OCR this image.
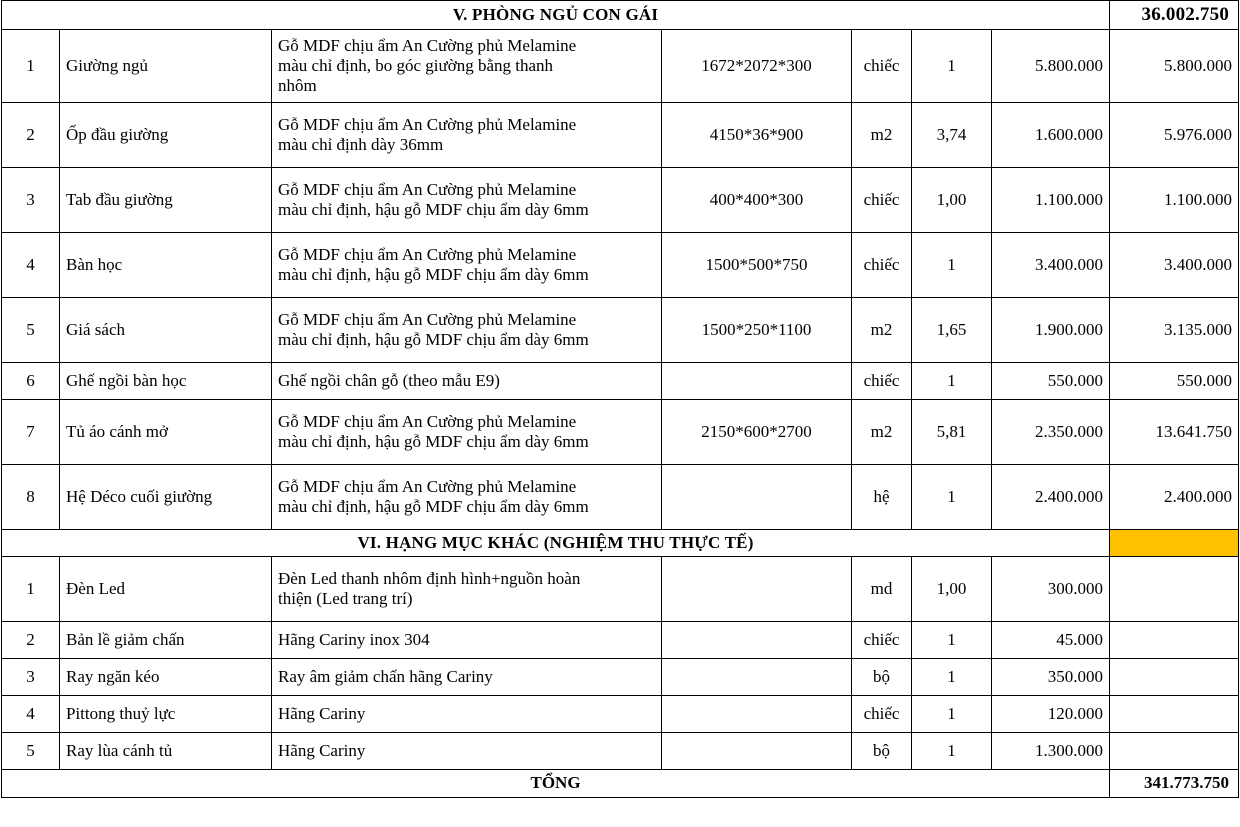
V. PHÒNG NGỦ CON GÁI							36.002.750
1	Giường ngủ	Gỗ MDF chịu ẩm An Cường phủ Melamine
màu chỉ định, bo góc giường bằng thanh
nhôm	1672*2072*300	chiếc	1	5.800.000	5.800.000
2	Ốp đầu giường	Gỗ MDF chịu ẩm An Cường phủ Melamine
màu chỉ định dày 36mm	4150*36*900	m2	3,74	1.600.000	5.976.000
3	Tab đầu giường	Gỗ MDF chịu ẩm An Cường phủ Melamine
màu chỉ định, hậu gỗ MDF chịu ẩm dày 6mm	400*400*300	chiếc	1,00	1.100.000	1.100.000
4	Bàn học	Gỗ MDF chịu ẩm An Cường phủ Melamine
màu chỉ định, hậu gỗ MDF chịu ẩm dày 6mm	1500*500*750	chiếc	1	3.400.000	3.400.000
5	Giá sách	Gỗ MDF chịu ẩm An Cường phủ Melamine
màu chỉ định, hậu gỗ MDF chịu ẩm dày 6mm	1500*250*1100	m2	1,65	1.900.000	3.135.000
6	Ghế ngồi bàn học	Ghế ngồi chân gỗ (theo mẫu E9)		chiếc	1	550.000	550.000
7	Tủ áo cánh mở	Gỗ MDF chịu ẩm An Cường phủ Melamine
màu chỉ định, hậu gỗ MDF chịu ẩm dày 6mm	2150*600*2700	m2	5,81	2.350.000	13.641.750
8	Hệ Déco cuối giường	Gỗ MDF chịu ẩm An Cường phủ Melamine
màu chỉ định, hậu gỗ MDF chịu ẩm dày 6mm		hệ	1	2.400.000	2.400.000
VI. HẠNG MỤC KHÁC (NGHIỆM THU THỰC TẾ)							
1	Đèn Led	Đèn Led thanh nhôm định hình+nguồn hoàn
thiện (Led trang trí)		md	1,00	300.000	
2	Bản lề giảm chấn	Hãng Cariny inox 304		chiếc	1	45.000	
3	Ray ngăn kéo	Ray âm giảm chấn hãng Cariny		bộ	1	350.000	
4	Pittong thuỷ lực	Hãng Cariny		chiếc	1	120.000	
5	Ray lùa cánh tủ	Hãng Cariny		bộ	1	1.300.000	
TỔNG							341.773.750
